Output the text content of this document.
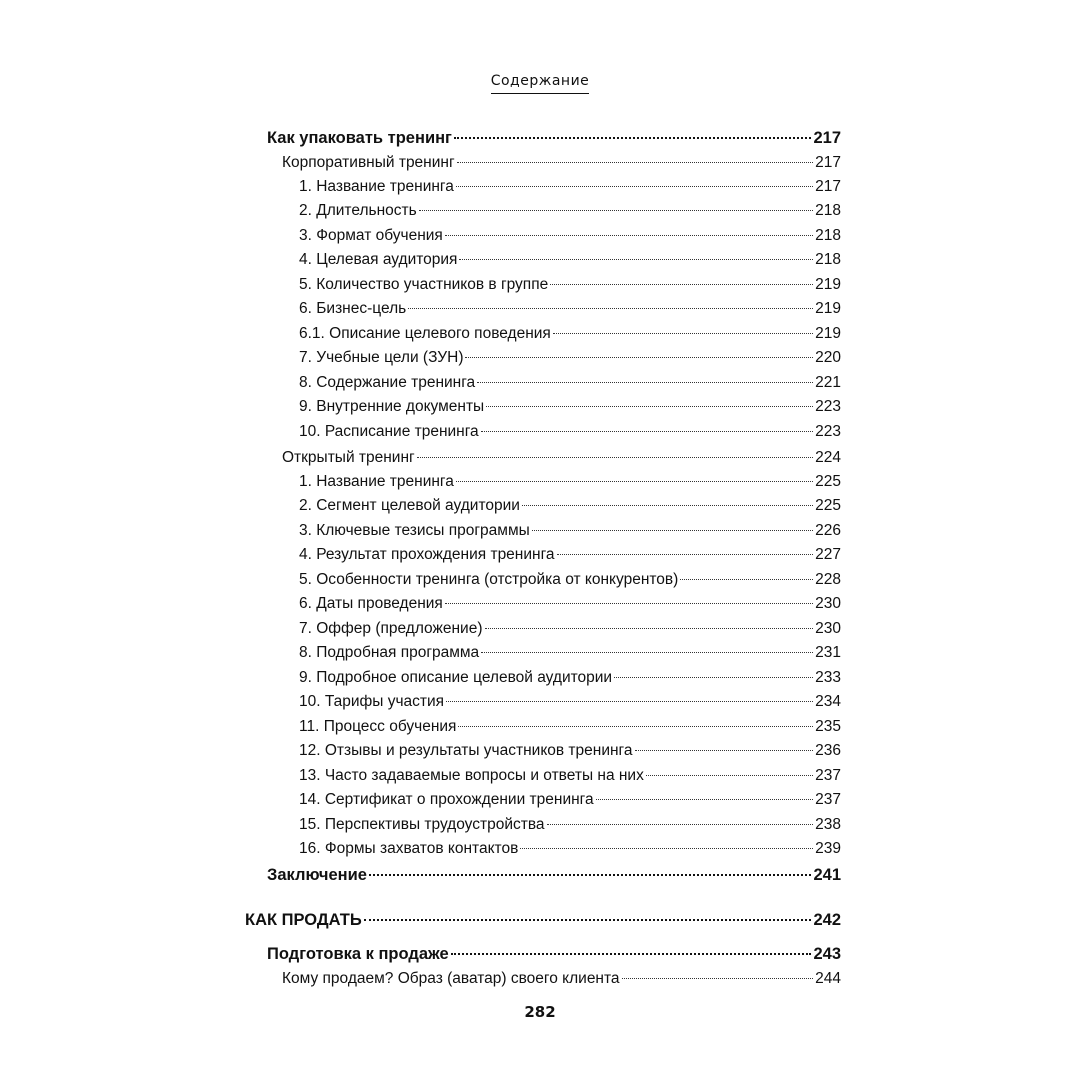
Содержание
Как упаковать тренинг	217
Корпоративный тренинг	217
1. Название тренинга	217
2. Длительность	218
3. Формат обучения	218
4. Целевая аудитория	218
5. Количество участников в группе	219
6. Бизнес-цель	219
6.1. Описание целевого поведения	219
7. Учебные цели (ЗУН)	220
8. Содержание тренинга	221
9. Внутренние документы	223
10. Расписание тренинга	223
Открытый тренинг	224
1. Название тренинга	225
2. Сегмент целевой аудитории	225
3. Ключевые тезисы программы	226
4. Результат прохождения тренинга	227
5. Особенности тренинга (отстройка от конкурентов)	228
6. Даты проведения	230
7. Оффер (предложение)	230
8. Подробная программа	231
9. Подробное описание целевой аудитории	233
10. Тарифы участия	234
11. Процесс обучения	235
12. Отзывы и результаты участников тренинга	236
13. Часто задаваемые вопросы и ответы на них	237
14. Сертификат о прохождении тренинга	237
15. Перспективы трудоустройства	238
16. Формы захватов контактов	239
Заключение	241
КАК ПРОДАТЬ	242
Подготовка к продаже	243
Кому продаем? Образ (аватар) своего клиента	244
282
